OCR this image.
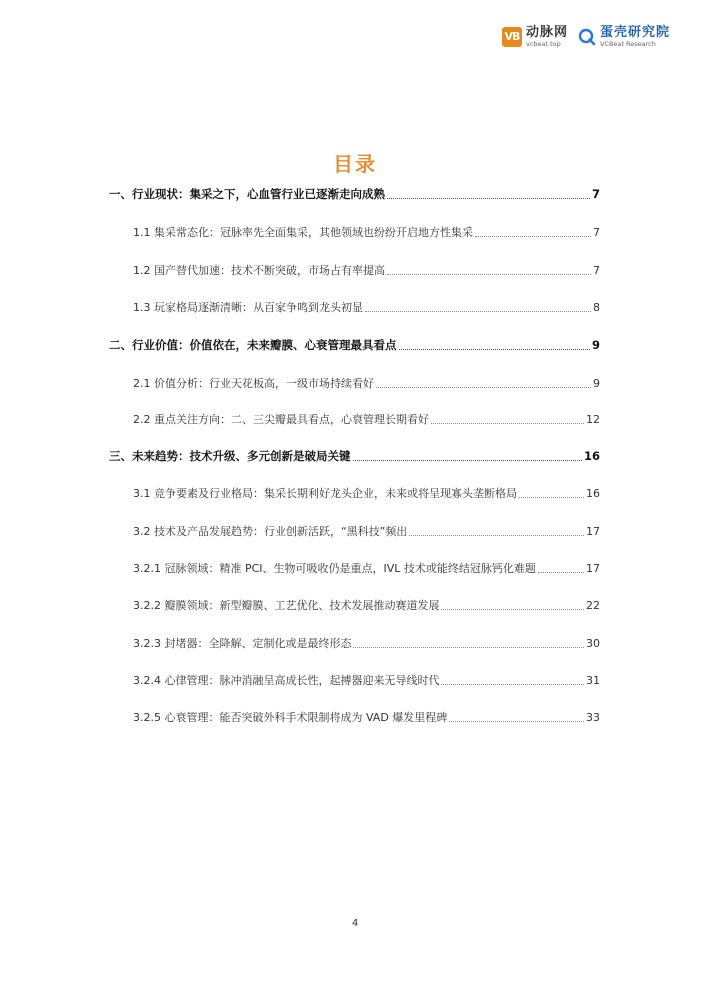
VB 动脉网
vcbeat.top
蛋壳研究院
VCBeat Research
目录
一、行业现状：集采之下，心血管行业已逐渐走向成熟	7
1.1 集采常态化：冠脉率先全面集采，其他领域也纷纷开启地方性集采	7
1.2 国产替代加速：技术不断突破，市场占有率提高	7
1.3 玩家格局逐渐清晰：从百家争鸣到龙头初显	8
二、行业价值：价值依在，未来瓣膜、心衰管理最具看点	9
2.1 价值分析：行业天花板高，一级市场持续看好	9
2.2 重点关注方向：二、三尖瓣最具看点，心衰管理长期看好	12
三、未来趋势：技术升级、多元创新是破局关键	16
3.1 竞争要素及行业格局：集采长期利好龙头企业，未来或将呈现寡头垄断格局	16
3.2 技术及产品发展趋势：行业创新活跃，“黑科技”频出	17
3.2.1 冠脉领域：精准 PCI、生物可吸收仍是重点，IVL 技术或能终结冠脉钙化难题	17
3.2.2 瓣膜领域：新型瓣膜、工艺优化、技术发展推动赛道发展	22
3.2.3 封堵器：全降解、定制化或是最终形态	30
3.2.4 心律管理：脉冲消融呈高成长性，起搏器迎来无导线时代	31
3.2.5 心衰管理：能否突破外科手术限制将成为 VAD 爆发里程碑	33
4
